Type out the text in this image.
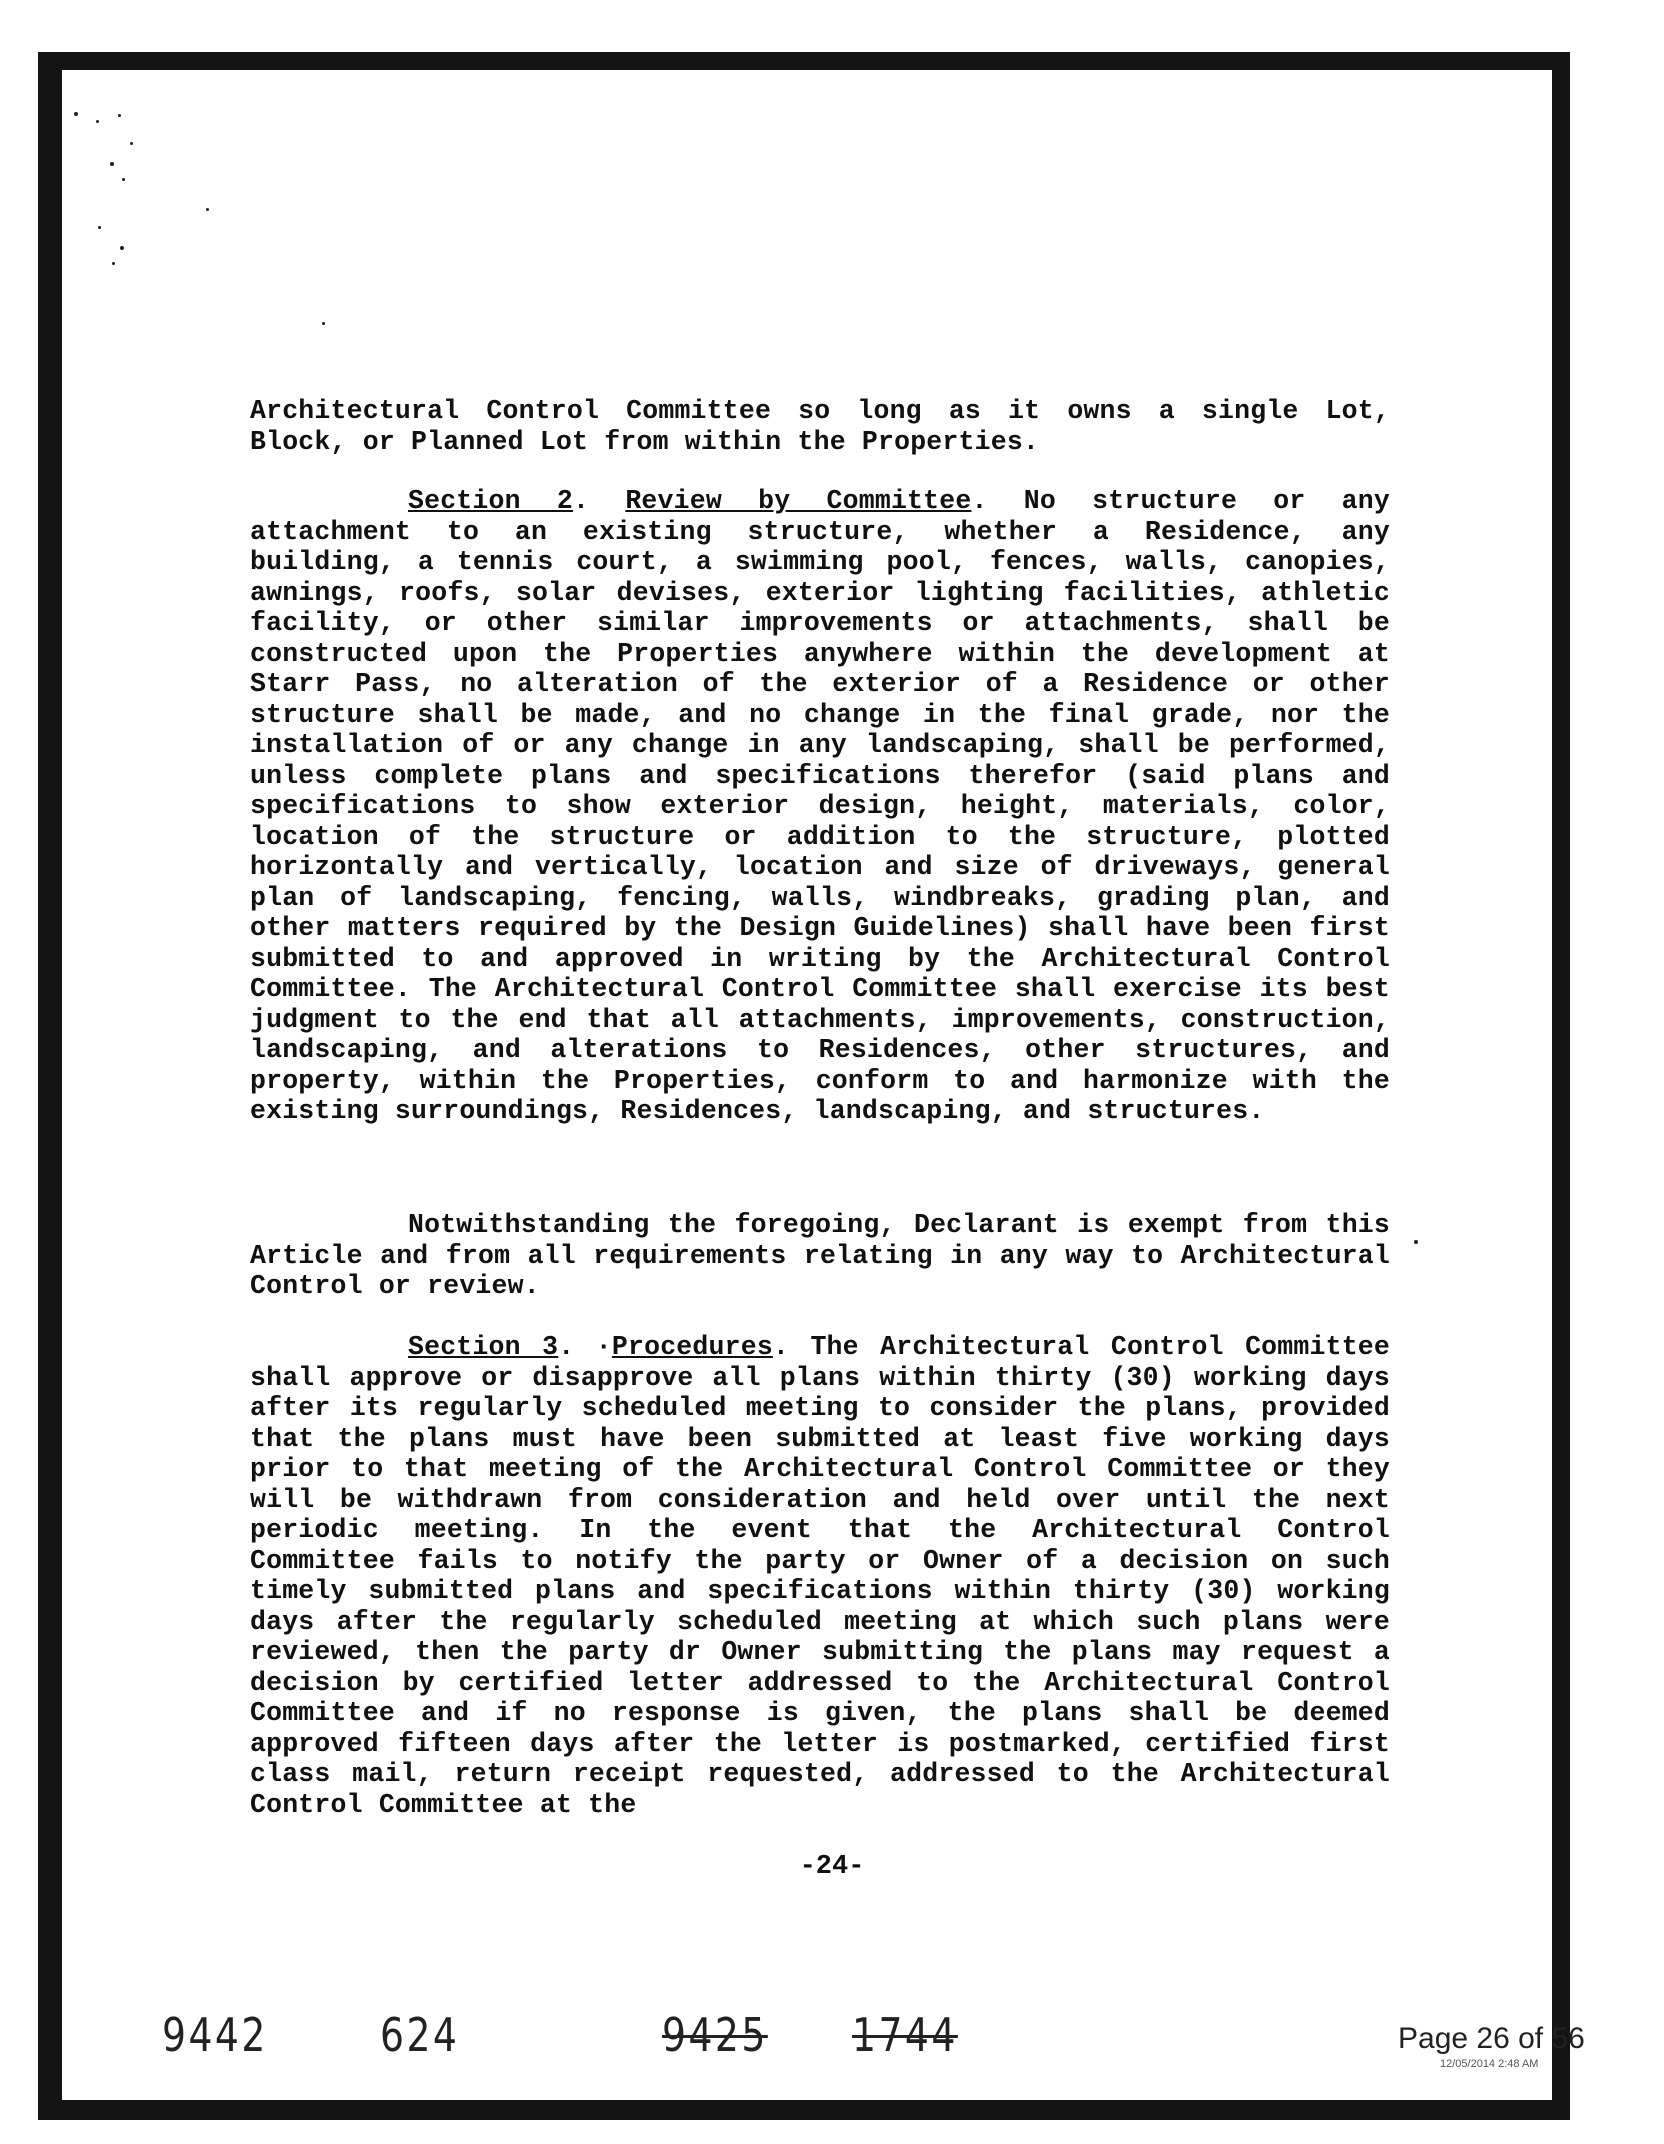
Architectural Control Committee so long as it owns a single Lot, Block, or Planned Lot from within the Properties.
Section 2. Review by Committee. No structure or any attachment to an existing structure, whether a Residence, any building, a tennis court, a swimming pool, fences, walls, canopies, awnings, roofs, solar devises, exterior lighting facilities, athletic facility, or other similar improvements or attachments, shall be constructed upon the Properties anywhere within the development at Starr Pass, no alteration of the exterior of a Residence or other structure shall be made, and no change in the final grade, nor the installation of or any change in any landscaping, shall be performed, unless complete plans and specifications therefor (said plans and specifications to show exterior design, height, materials, color, location of the structure or addition to the structure, plotted horizontally and vertically, location and size of driveways, general plan of landscaping, fencing, walls, windbreaks, grading plan, and other matters required by the Design Guidelines) shall have been first submitted to and approved in writing by the Architectural Control Committee. The Architectural Control Committee shall exercise its best judgment to the end that all attachments, improvements, construction, landscaping, and alterations to Residences, other structures, and property, within the Properties, conform to and harmonize with the existing surroundings, Residences, landscaping, and structures.
Notwithstanding the foregoing, Declarant is exempt from this Article and from all requirements relating in any way to Architectural Control or review.
Section 3. ·Procedures. The Architectural Control Committee shall approve or disapprove all plans within thirty (30) working days after its regularly scheduled meeting to consider the plans, provided that the plans must have been submitted at least five working days prior to that meeting of the Architectural Control Committee or they will be withdrawn from consideration and held over until the next periodic meeting. In the event that the Architectural Control Committee fails to notify the party or Owner of a decision on such timely submitted plans and specifications within thirty (30) working days after the regularly scheduled meeting at which such plans were reviewed, then the party dr Owner submitting the plans may request a decision by certified letter addressed to the Architectural Control Committee and if no response is given, the plans shall be deemed approved fifteen days after the letter is postmarked, certified first class mail, return receipt requested, addressed to the Architectural Control Committee at the
-24-
9442 624	9425 1744	Page 26 of 56
12/05/2014 2:48 AM
